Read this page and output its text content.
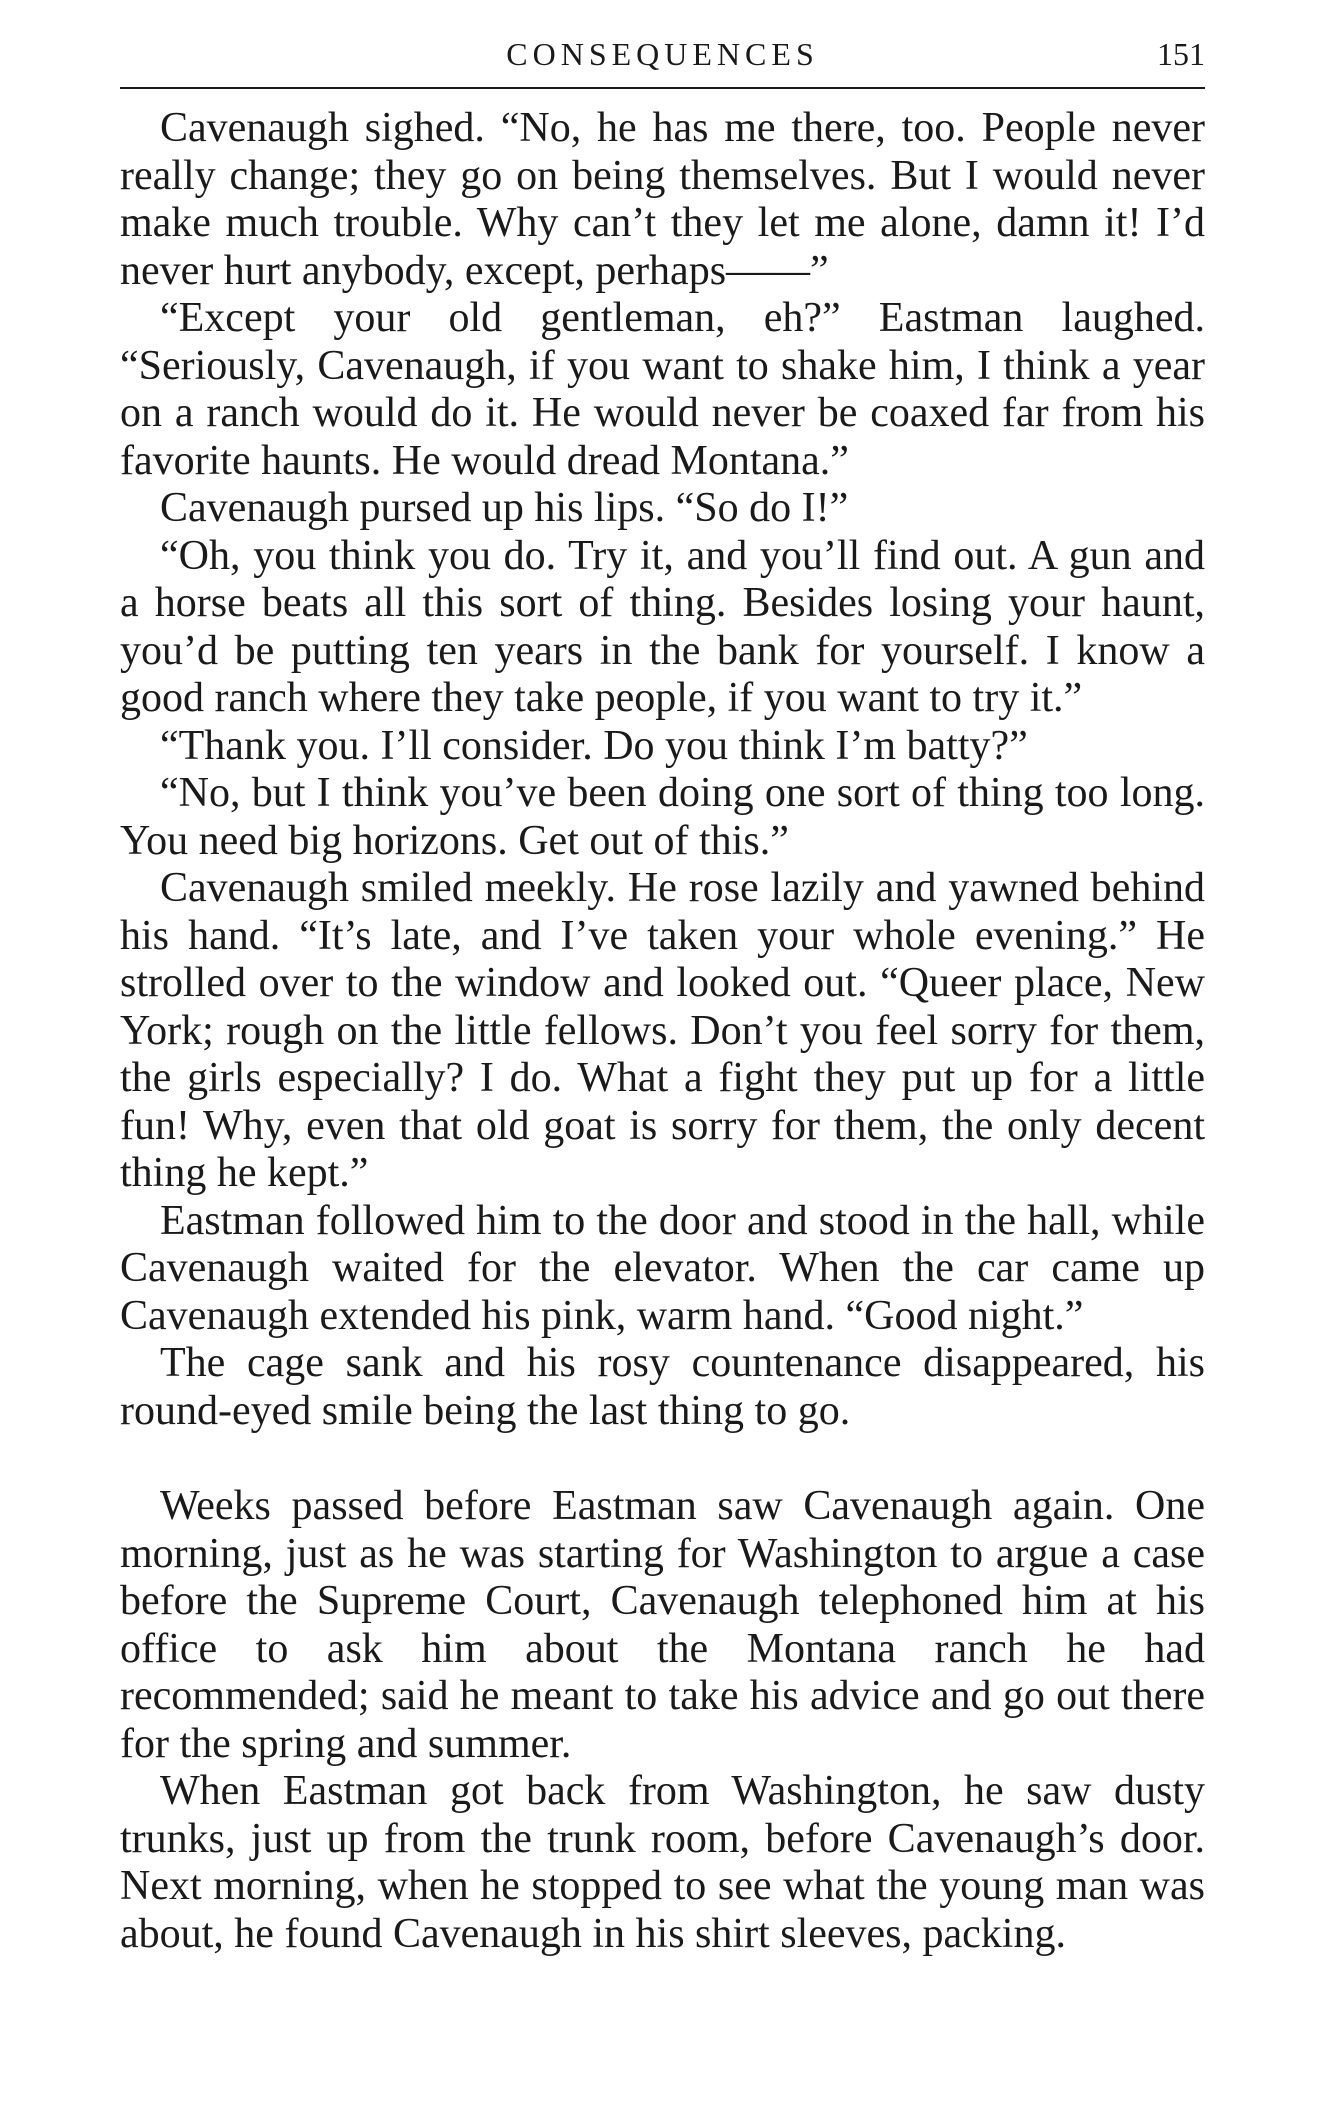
CONSEQUENCES	151

Cavenaugh sighed. “No, he has me there, too. People never really change; they go on being themselves. But I would never make much trouble. Why can’t they let me alone, damn it! I’d never hurt anybody, except, perhaps——”

“Except your old gentleman, eh?” Eastman laughed. “Seriously, Cavenaugh, if you want to shake him, I think a year on a ranch would do it. He would never be coaxed far from his favorite haunts. He would dread Montana.”

Cavenaugh pursed up his lips. “So do I!”

“Oh, you think you do. Try it, and you’ll find out. A gun and a horse beats all this sort of thing. Besides losing your haunt, you’d be putting ten years in the bank for yourself. I know a good ranch where they take people, if you want to try it.”

“Thank you. I’ll consider. Do you think I’m batty?”

“No, but I think you’ve been doing one sort of thing too long. You need big horizons. Get out of this.”

Cavenaugh smiled meekly. He rose lazily and yawned behind his hand. “It’s late, and I’ve taken your whole evening.” He strolled over to the window and looked out. “Queer place, New York; rough on the little fellows. Don’t you feel sorry for them, the girls especially? I do. What a fight they put up for a little fun! Why, even that old goat is sorry for them, the only decent thing he kept.”

Eastman followed him to the door and stood in the hall, while Cavenaugh waited for the elevator. When the car came up Cavenaugh extended his pink, warm hand. “Good night.”

The cage sank and his rosy countenance disappeared, his round-eyed smile being the last thing to go.

Weeks passed before Eastman saw Cavenaugh again. One morning, just as he was starting for Washington to argue a case before the Supreme Court, Cavenaugh telephoned him at his office to ask him about the Montana ranch he had recommended; said he meant to take his advice and go out there for the spring and summer.

When Eastman got back from Washington, he saw dusty trunks, just up from the trunk room, before Cavenaugh’s door. Next morning, when he stopped to see what the young man was about, he found Cavenaugh in his shirt sleeves, packing.
